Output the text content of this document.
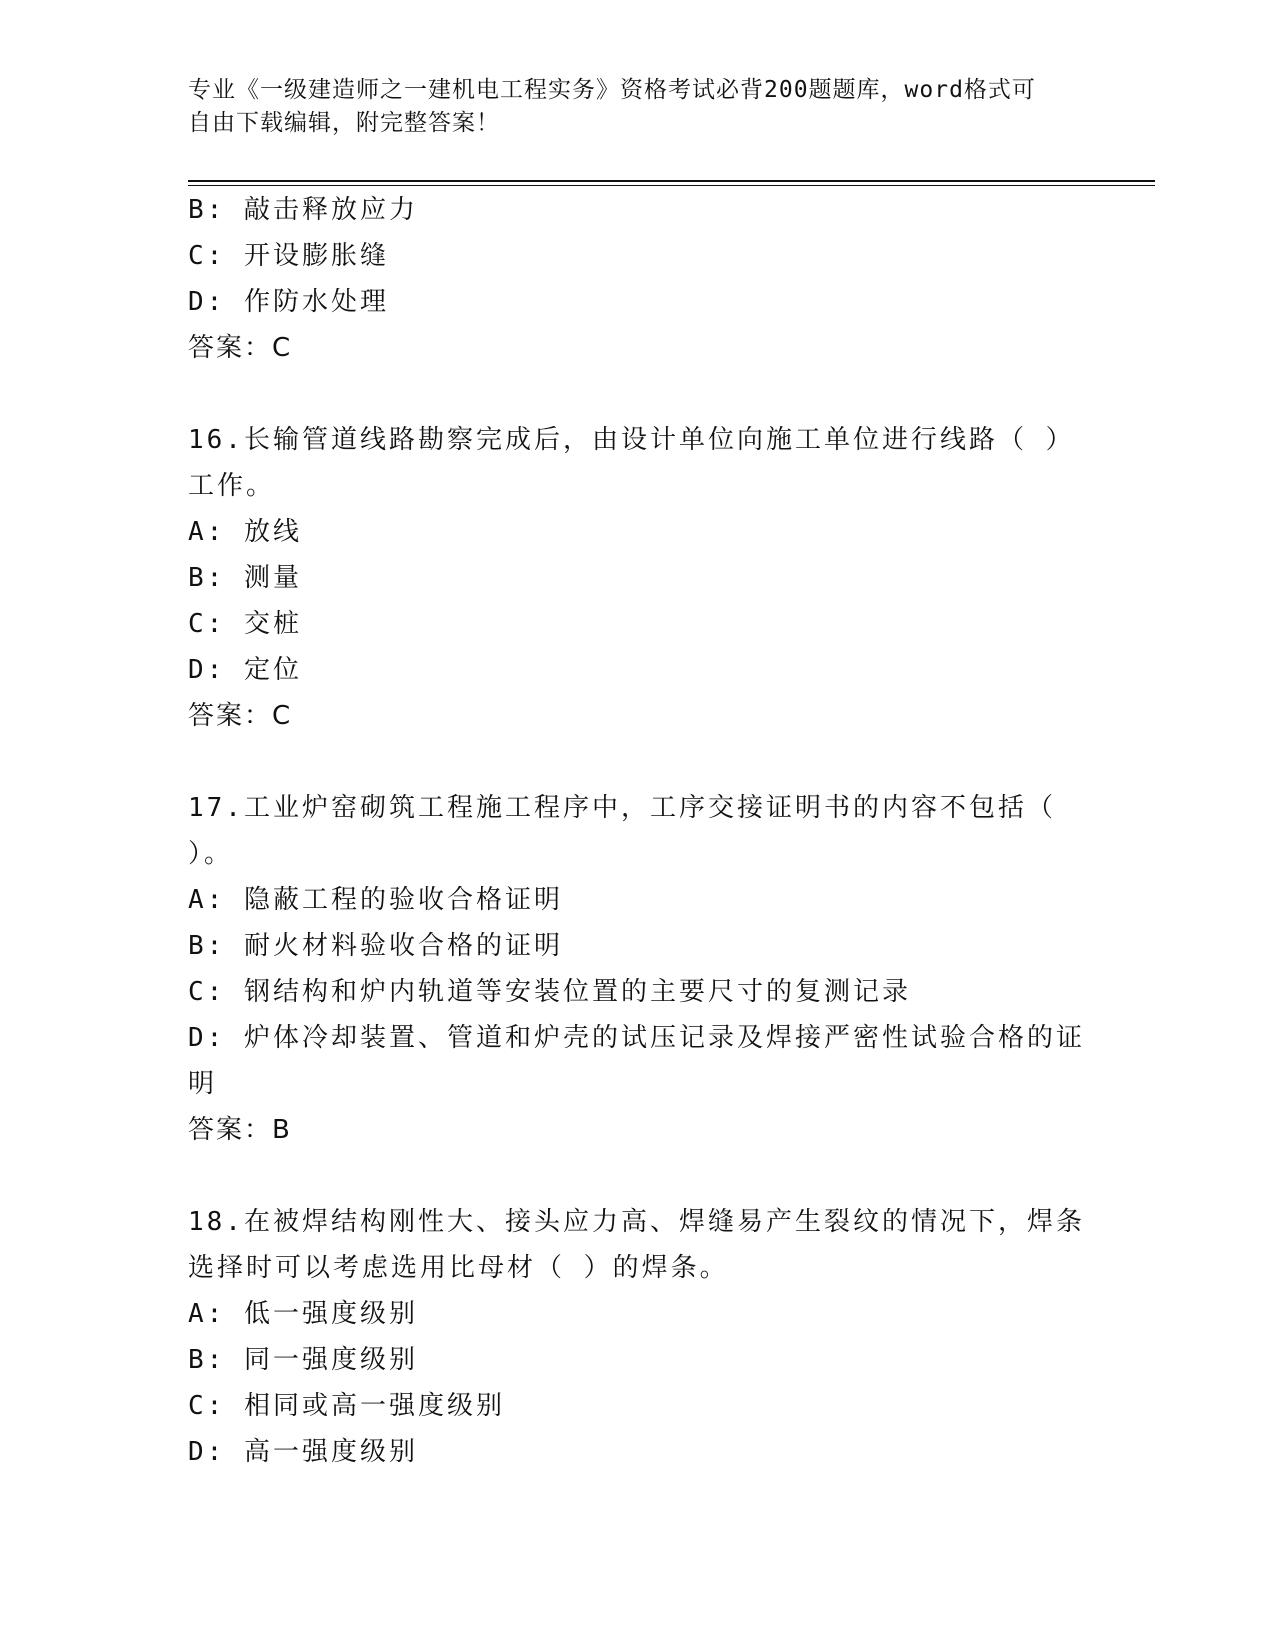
专业《一级建造师之一建机电工程实务》资格考试必背200题题库，word格式可
自由下载编辑，附完整答案！
B: 敲击释放应力
C: 开设膨胀缝
D: 作防水处理
答案：C
16.长输管道线路勘察完成后，由设计单位向施工单位进行线路（ ）
工作。
A: 放线
B: 测量
C: 交桩
D: 定位
答案：C
17.工业炉窑砌筑工程施工程序中，工序交接证明书的内容不包括（
）。
A: 隐蔽工程的验收合格证明
B: 耐火材料验收合格的证明
C: 钢结构和炉内轨道等安装位置的主要尺寸的复测记录
D: 炉体冷却装置、管道和炉壳的试压记录及焊接严密性试验合格的证
明
答案：B
18.在被焊结构刚性大、接头应力高、焊缝易产生裂纹的情况下，焊条
选择时可以考虑选用比母材（ ）的焊条。
A: 低一强度级别
B: 同一强度级别
C: 相同或高一强度级别
D: 高一强度级别
